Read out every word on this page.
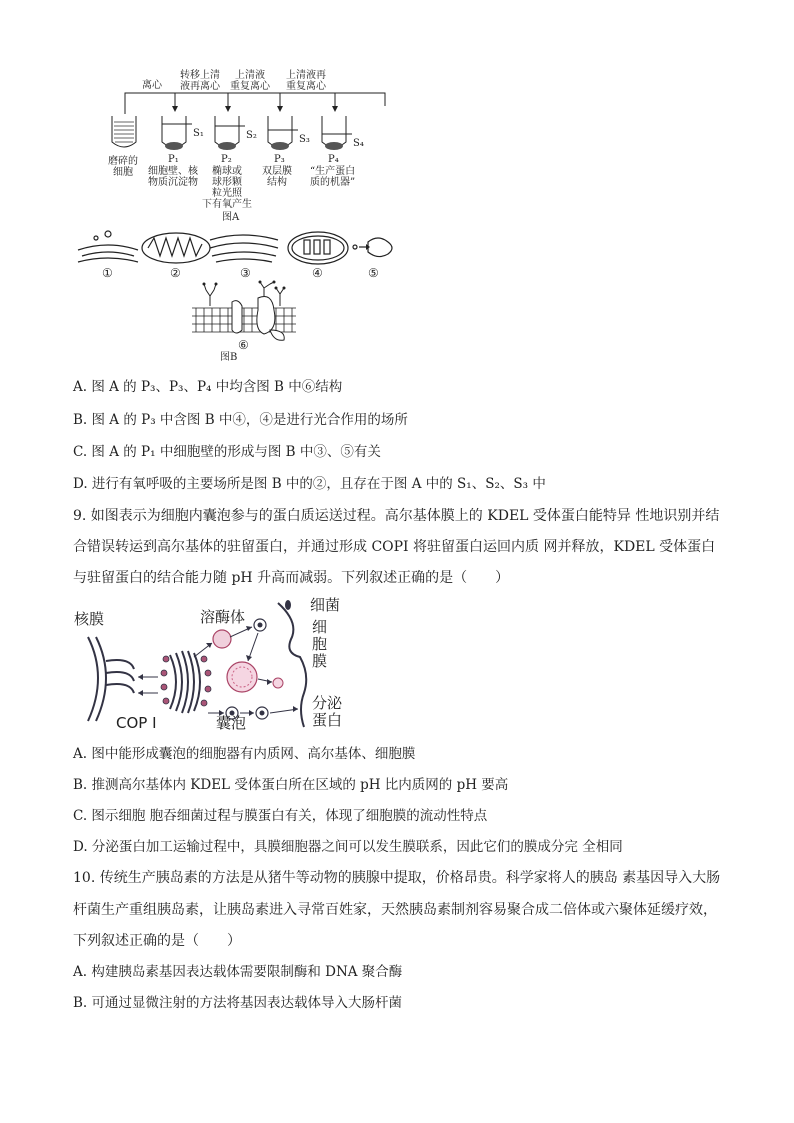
离心
转移上清
液再离心
上清液
重复离心
上清液再
重复离心
S₁	S₂	S₃	S₄
磨碎的
细胞
P₁
细胞壁、核
物质沉淀物
P₂
椭球或
球形颗
粒光照
下有氧产生
P₃
双层膜
结构
P₄
“生产蛋白
质的机器”
图A
①	②	③	④	⑤
⑥
图B
A. 图 A 的 P₃、P₃、P₄ 中均含图 B 中⑥结构
B. 图 A 的 P₃ 中含图 B 中④，④是进行光合作用的场所
C. 图 A 的 P₁ 中细胞壁的形成与图 B 中③、⑤有关
D. 进行有氧呼吸的主要场所是图 B 中的②，且存在于图 A 中的 S₁、S₂、S₃ 中
9. 如图表示为细胞内囊泡参与的蛋白质运送过程。高尔基体膜上的 KDEL 受体蛋白能特异 性地识别并结
合错误转运到高尔基体的驻留蛋白，并通过形成 COPI 将驻留蛋白运回内质 网并释放，KDEL 受体蛋白
与驻留蛋白的结合能力随 pH 升高而减弱。下列叙述正确的是（　　）
核膜	溶酶体
细菌
细
胞
膜
COP I	囊泡
分泌
蛋白
A. 图中能形成囊泡的细胞器有内质网、高尔基体、细胞膜
B. 推测高尔基体内 KDEL 受体蛋白所在区域的 pH 比内质网的 pH 要高
C. 图示细胞 胞吞细菌过程与膜蛋白有关，体现了细胞膜的流动性特点
D. 分泌蛋白加工运输过程中，具膜细胞器之间可以发生膜联系，因此它们的膜成分完 全相同
10. 传统生产胰岛素的方法是从猪牛等动物的胰腺中提取，价格昂贵。科学家将人的胰岛 素基因导入大肠
杆菌生产重组胰岛素，让胰岛素进入寻常百姓家，天然胰岛素制剂容易聚合成二倍体或六聚体延缓疗效，
下列叙述正确的是（　　）
A. 构建胰岛素基因表达载体需要限制酶和 DNA 聚合酶
B. 可通过显微注射的方法将基因表达载体导入大肠杆菌
